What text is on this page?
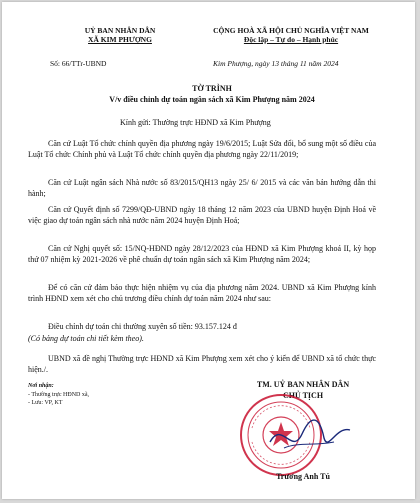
UỶ BAN NHÂN DÂN
XÃ KIM PHƯỢNG
CỘNG HOÀ XÃ HỘI CHỦ NGHĨA VIỆT NAM
Độc lập – Tự do – Hạnh phúc
Số: 66/TTr-UBND	Kim Phượng, ngày 13 tháng 11 năm 2024
TỜ TRÌNH
V/v điều chỉnh dự toán ngân sách xã Kim Phượng năm 2024
Kính gửi: Thường trực HĐND xã Kim Phượng
Căn cứ Luật Tổ chức chính quyền địa phương ngày 19/6/2015; Luật Sửa đổi, bổ sung một số điều của Luật Tổ chức Chính phủ và Luật Tổ chức chính quyền địa phương ngày 22/11/2019;
Căn cứ Luật ngân sách Nhà nước số 83/2015/QH13 ngày 25/ 6/ 2015 và các văn bản hướng dẫn thi hành;
Căn cứ Quyết định số 7299/QĐ-UBND ngày 18 tháng 12 năm 2023 của UBND huyện Định Hoá về việc giao dự toán ngân sách nhà nước năm 2024 huyện Định Hoá;
Căn cứ Nghị quyết số: 15/NQ-HĐND ngày 28/12/2023 của HĐND xã Kim Phượng khoá II, kỳ họp thứ 07 nhiệm kỳ 2021-2026 về phê chuẩn dự toán ngân sách xã Kim Phượng năm 2024;
Để có căn cứ đảm bảo thực hiện nhiệm vụ của địa phương năm 2024. UBND xã Kim Phượng kính trình HĐND xem xét cho chủ trương điều chỉnh dự toán năm 2024 như sau:
Điều chỉnh dự toán chi thường xuyên số tiền: 93.157.124 đ
(Có bảng dự toán chi tiết kèm theo).
UBND xã đề nghị Thường trực HĐND xã Kim Phượng xem xét cho ý kiến để UBND xã tổ chức thực hiện./.
Nơi nhận:
- Thường trực HĐND xã,
- Lưu: VP, KT
TM. UỶ BAN NHÂN DÂN
CHỦ TỊCH
Trương Anh Tú
